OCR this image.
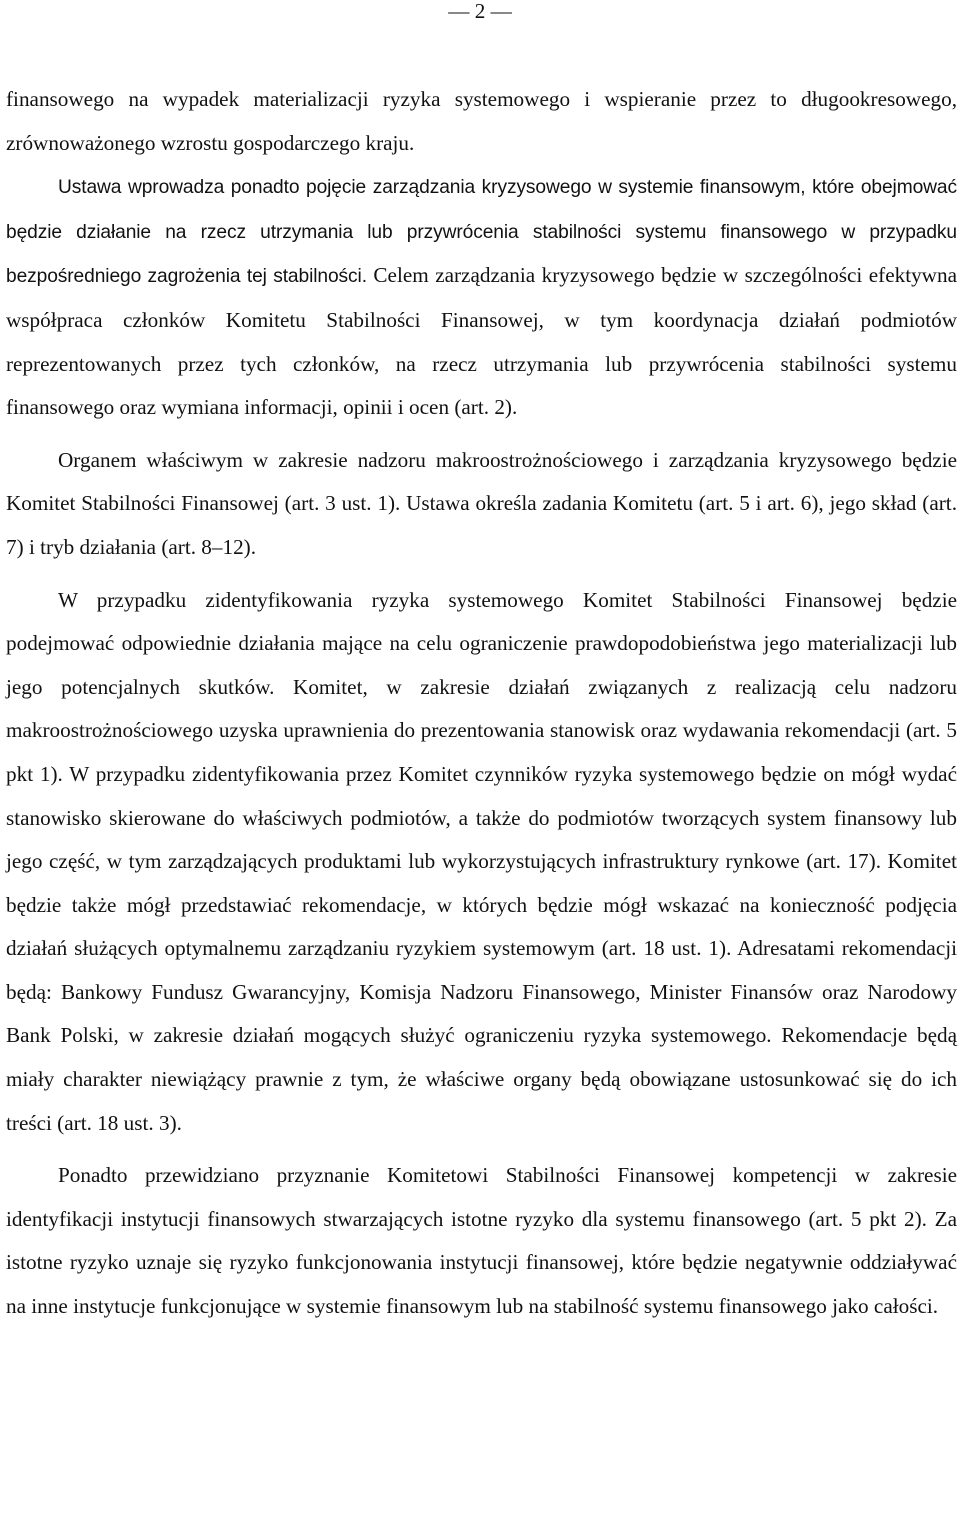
— 2 —

finansowego na wypadek materializacji ryzyka systemowego i wspieranie przez to długookresowego, zrównoważonego wzrostu gospodarczego kraju.

Ustawa wprowadza ponadto pojęcie zarządzania kryzysowego w systemie finansowym, które obejmować będzie działanie na rzecz utrzymania lub przywrócenia stabilności systemu finansowego w przypadku bezpośredniego zagrożenia tej stabilności. Celem zarządzania kryzysowego będzie w szczególności efektywna współpraca członków Komitetu Stabilności Finansowej, w tym koordynacja działań podmiotów reprezentowanych przez tych członków, na rzecz utrzymania lub przywrócenia stabilności systemu finansowego oraz wymiana informacji, opinii i ocen (art. 2).

Organem właściwym w zakresie nadzoru makroostrożnościowego i zarządzania kryzysowego będzie Komitet Stabilności Finansowej (art. 3 ust. 1). Ustawa określa zadania Komitetu (art. 5 i art. 6), jego skład (art. 7) i tryb działania (art. 8–12).

W przypadku zidentyfikowania ryzyka systemowego Komitet Stabilności Finansowej będzie podejmować odpowiednie działania mające na celu ograniczenie prawdopodobieństwa jego materializacji lub jego potencjalnych skutków. Komitet, w zakresie działań związanych z realizacją celu nadzoru makroostrożnościowego uzyska uprawnienia do prezentowania stanowisk oraz wydawania rekomendacji (art. 5 pkt 1). W przypadku zidentyfikowania przez Komitet czynników ryzyka systemowego będzie on mógł wydać stanowisko skierowane do właściwych podmiotów, a także do podmiotów tworzących system finansowy lub jego część, w tym zarządzających produktami lub wykorzystujących infrastruktury rynkowe (art. 17). Komitet będzie także mógł przedstawiać rekomendacje, w których będzie mógł wskazać na konieczność podjęcia działań służących optymalnemu zarządzaniu ryzykiem systemowym (art. 18 ust. 1). Adresatami rekomendacji będą: Bankowy Fundusz Gwarancyjny, Komisja Nadzoru Finansowego, Minister Finansów oraz Narodowy Bank Polski, w zakresie działań mogących służyć ograniczeniu ryzyka systemowego. Rekomendacje będą miały charakter niewiążący prawnie z tym, że właściwe organy będą obowiązane ustosunkować się do ich treści (art. 18 ust. 3).

Ponadto przewidziano przyznanie Komitetowi Stabilności Finansowej kompetencji w zakresie identyfikacji instytucji finansowych stwarzających istotne ryzyko dla systemu finansowego (art. 5 pkt 2). Za istotne ryzyko uznaje się ryzyko funkcjonowania instytucji finansowej, które będzie negatywnie oddziaływać na inne instytucje funkcjonujące w systemie finansowym lub na stabilność systemu finansowego jako całości.
